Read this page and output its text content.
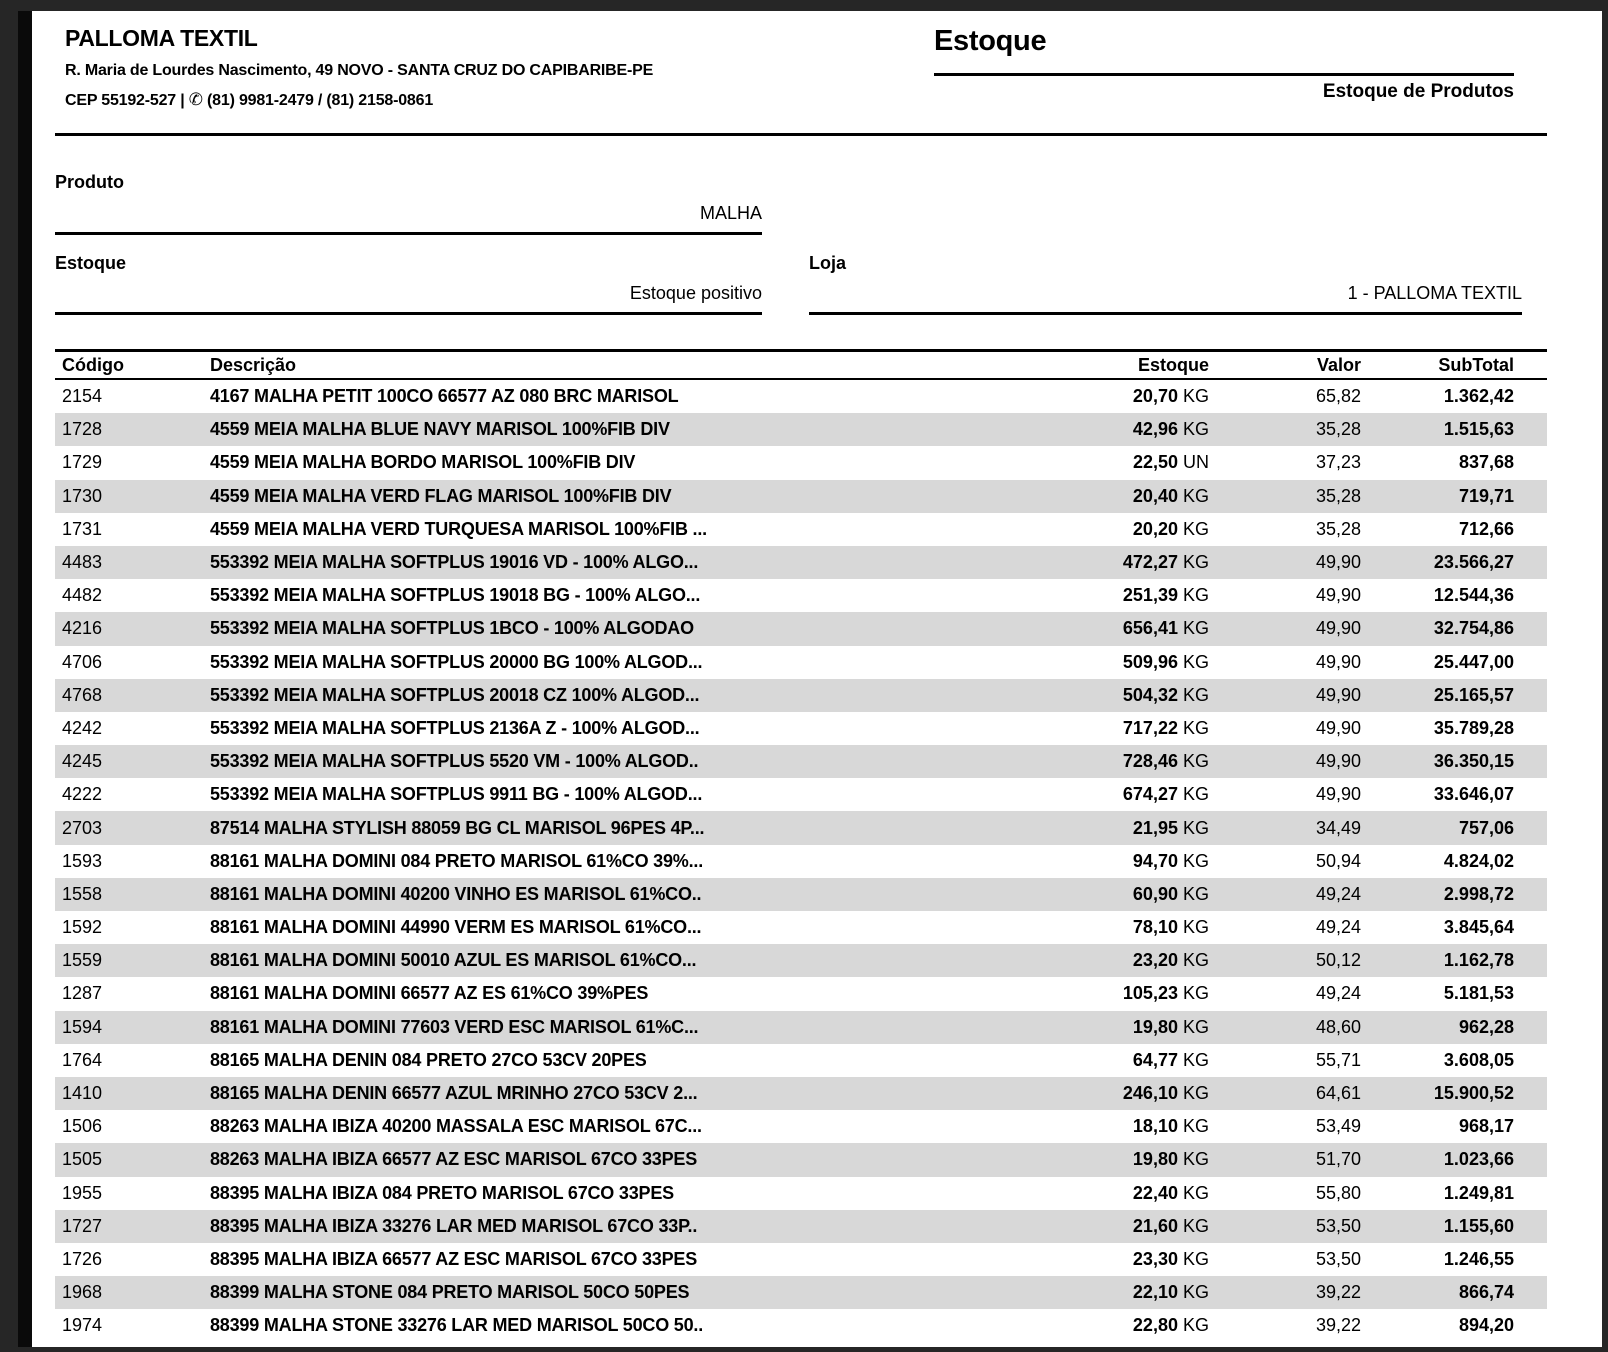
PALLOMA TEXTIL
R. Maria de Lourdes Nascimento, 49 NOVO - SANTA CRUZ DO CAPIBARIBE-PE
CEP 55192-527 | ✆ (81) 9981-2479 / (81) 2158-0861
Estoque
Estoque de Produtos
Produto
MALHA
Estoque
Estoque positivo
Loja
1 - PALLOMA TEXTIL
Código	Descrição	Estoque	Valor	SubTotal
2154	4167 MALHA PETIT 100CO 66577 AZ 080 BRC MARISOL	20,70 KG	65,82	1.362,42
1728	4559 MEIA MALHA BLUE NAVY MARISOL 100%FIB DIV	42,96 KG	35,28	1.515,63
1729	4559 MEIA MALHA BORDO MARISOL 100%FIB DIV	22,50 UN	37,23	837,68
1730	4559 MEIA MALHA VERD FLAG MARISOL 100%FIB DIV	20,40 KG	35,28	719,71
1731	4559 MEIA MALHA VERD TURQUESA MARISOL 100%FIB ...	20,20 KG	35,28	712,66
4483	553392 MEIA MALHA SOFTPLUS 19016 VD - 100% ALGO...	472,27 KG	49,90	23.566,27
4482	553392 MEIA MALHA SOFTPLUS 19018 BG - 100% ALGO...	251,39 KG	49,90	12.544,36
4216	553392 MEIA MALHA SOFTPLUS 1BCO - 100% ALGODAO	656,41 KG	49,90	32.754,86
4706	553392 MEIA MALHA SOFTPLUS 20000 BG 100% ALGOD...	509,96 KG	49,90	25.447,00
4768	553392 MEIA MALHA SOFTPLUS 20018 CZ 100% ALGOD...	504,32 KG	49,90	25.165,57
4242	553392 MEIA MALHA SOFTPLUS 2136A Z - 100% ALGOD...	717,22 KG	49,90	35.789,28
4245	553392 MEIA MALHA SOFTPLUS 5520 VM - 100% ALGOD..	728,46 KG	49,90	36.350,15
4222	553392 MEIA MALHA SOFTPLUS 9911 BG - 100% ALGOD...	674,27 KG	49,90	33.646,07
2703	87514 MALHA STYLISH 88059 BG CL MARISOL 96PES 4P...	21,95 KG	34,49	757,06
1593	88161 MALHA DOMINI 084 PRETO MARISOL 61%CO 39%...	94,70 KG	50,94	4.824,02
1558	88161 MALHA DOMINI 40200 VINHO ES MARISOL 61%CO..	60,90 KG	49,24	2.998,72
1592	88161 MALHA DOMINI 44990 VERM ES MARISOL 61%CO...	78,10 KG	49,24	3.845,64
1559	88161 MALHA DOMINI 50010 AZUL ES MARISOL 61%CO...	23,20 KG	50,12	1.162,78
1287	88161 MALHA DOMINI 66577 AZ ES 61%CO 39%PES	105,23 KG	49,24	5.181,53
1594	88161 MALHA DOMINI 77603 VERD ESC MARISOL 61%C...	19,80 KG	48,60	962,28
1764	88165 MALHA DENIN 084 PRETO 27CO 53CV 20PES	64,77 KG	55,71	3.608,05
1410	88165 MALHA DENIN 66577 AZUL MRINHO 27CO 53CV 2...	246,10 KG	64,61	15.900,52
1506	88263 MALHA IBIZA 40200 MASSALA ESC MARISOL 67C...	18,10 KG	53,49	968,17
1505	88263 MALHA IBIZA 66577 AZ ESC MARISOL 67CO 33PES	19,80 KG	51,70	1.023,66
1955	88395 MALHA IBIZA 084 PRETO MARISOL 67CO 33PES	22,40 KG	55,80	1.249,81
1727	88395 MALHA IBIZA 33276 LAR MED MARISOL 67CO 33P..	21,60 KG	53,50	1.155,60
1726	88395 MALHA IBIZA 66577 AZ ESC MARISOL 67CO 33PES	23,30 KG	53,50	1.246,55
1968	88399 MALHA STONE 084 PRETO MARISOL 50CO 50PES	22,10 KG	39,22	866,74
1974	88399 MALHA STONE 33276 LAR MED MARISOL 50CO 50..	22,80 KG	39,22	894,20
